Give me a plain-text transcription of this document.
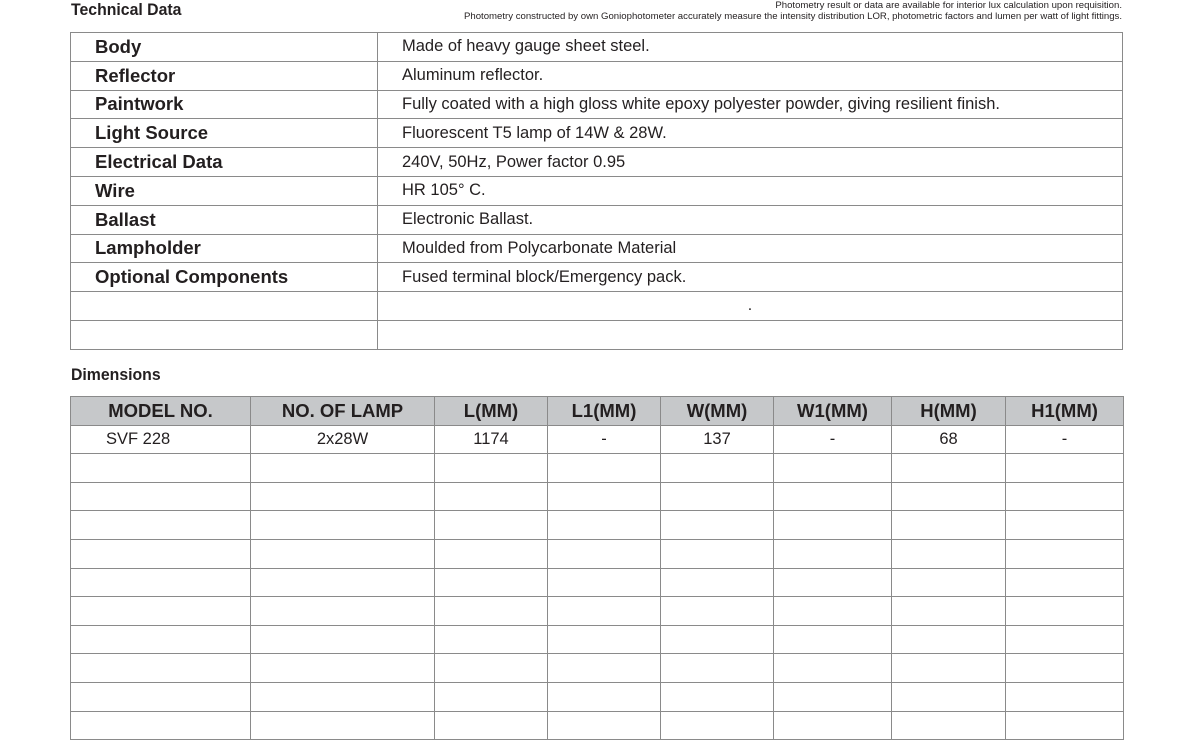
Technical Data	Photometry result or data are available for interior lux calculation upon requisition.
Photometry constructed by own Goniophotometer accurately measure the intensity distribution LOR, photometric factors and lumen per watt of light fittings.
Body	Made of heavy gauge sheet steel.
Reflector	Aluminum reflector.
Paintwork	Fully coated with a high gloss white epoxy polyester powder, giving resilient finish.
Light Source	Fluorescent T5 lamp of 14W & 28W.
Electrical Data	240V, 50Hz, Power factor 0.95
Wire	HR 105° C.
Ballast	Electronic Ballast.
Lampholder	Moulded from Polycarbonate Material
Optional Components	Fused terminal block/Emergency pack.
	.

Dimensions
MODEL NO.	NO. OF LAMP	L(MM)	L1(MM)	W(MM)	W1(MM)	H(MM)	H1(MM)
SVF 228	2x28W	1174	-	137	-	68	-
